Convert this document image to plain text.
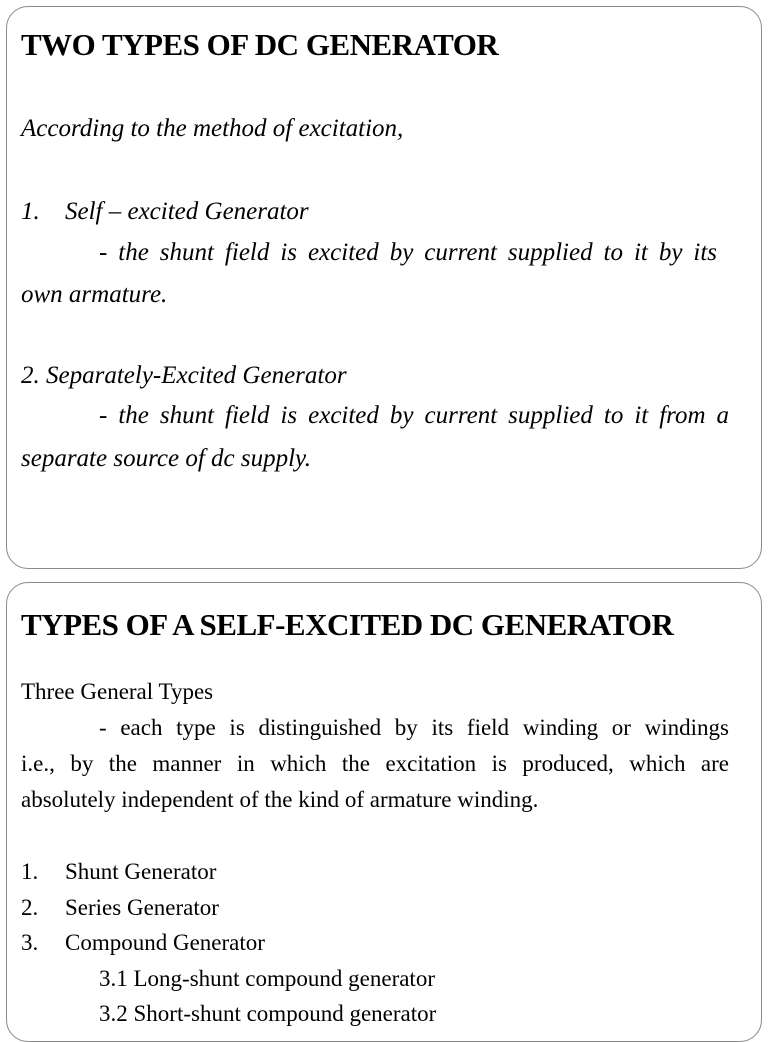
TWO TYPES OF DC GENERATOR

According to the method of excitation,

1. Self – excited Generator

- the shunt field is excited by current supplied to it by its

own armature.

2. Separately-Excited Generator

- the shunt field is excited by current supplied to it from a

separate source of dc supply.

TYPES OF A SELF-EXCITED DC GENERATOR

Three General Types

- each type is distinguished by its field winding or windings

i.e., by the manner in which the excitation is produced, which are

absolutely independent of the kind of armature winding.

1. Shunt Generator
2. Series Generator
3. Compound Generator
3.1 Long-shunt compound generator
3.2 Short-shunt compound generator
